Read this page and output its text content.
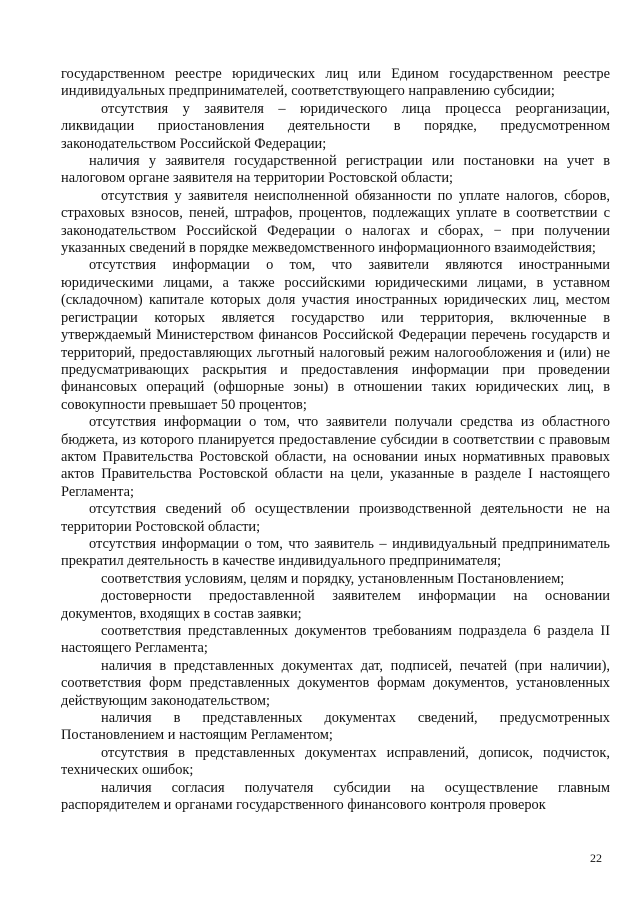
государственном реестре юридических лиц или Едином государственном реестре индивидуальных предпринимателей, соответствующего направлению субсидии;

отсутствия у заявителя – юридического лица процесса реорганизации, ликвидации приостановления деятельности в порядке, предусмотренном законодательством Российской Федерации;

наличия у заявителя государственной регистрации или постановки на учет в налоговом органе заявителя на территории Ростовской области;

отсутствия у заявителя неисполненной обязанности по уплате налогов, сборов, страховых взносов, пеней, штрафов, процентов, подлежащих уплате в соответствии с законодательством Российской Федерации о налогах и сборах, − при получении указанных сведений в порядке межведомственного информационного взаимодействия;

отсутствия информации о том, что заявители являются иностранными юридическими лицами, а также российскими юридическими лицами, в уставном (складочном) капитале которых доля участия иностранных юридических лиц, местом регистрации которых является государство или территория, включенные в утверждаемый Министерством финансов Российской Федерации перечень государств и территорий, предоставляющих льготный налоговый режим налогообложения и (или) не предусматривающих раскрытия и предоставления информации при проведении финансовых операций (офшорные зоны) в отношении таких юридических лиц, в совокупности превышает 50 процентов;

отсутствия информации о том, что заявители получали средства из областного бюджета, из которого планируется предоставление субсидии в соответствии с правовым актом Правительства Ростовской области, на основании иных нормативных правовых актов Правительства Ростовской области на цели, указанные в разделе I настоящего Регламента;

отсутствия сведений об осуществлении производственной деятельности не на территории Ростовской области;

отсутствия информации о том, что заявитель – индивидуальный предприниматель прекратил деятельность в качестве индивидуального предпринимателя;

соответствия условиям, целям и порядку, установленным Постановлением;

достоверности предоставленной заявителем информации на основании документов, входящих в состав заявки;

соответствия представленных документов требованиям подраздела 6 раздела II настоящего Регламента;

наличия в представленных документах дат, подписей, печатей (при наличии), соответствия форм представленных документов формам документов, установленных действующим законодательством;

наличия в представленных документах сведений, предусмотренных Постановлением и настоящим Регламентом;

отсутствия в представленных документах исправлений, дописок, подчисток, технических ошибок;

наличия согласия получателя субсидии на осуществление главным распорядителем и органами государственного финансового контроля проверок

22
